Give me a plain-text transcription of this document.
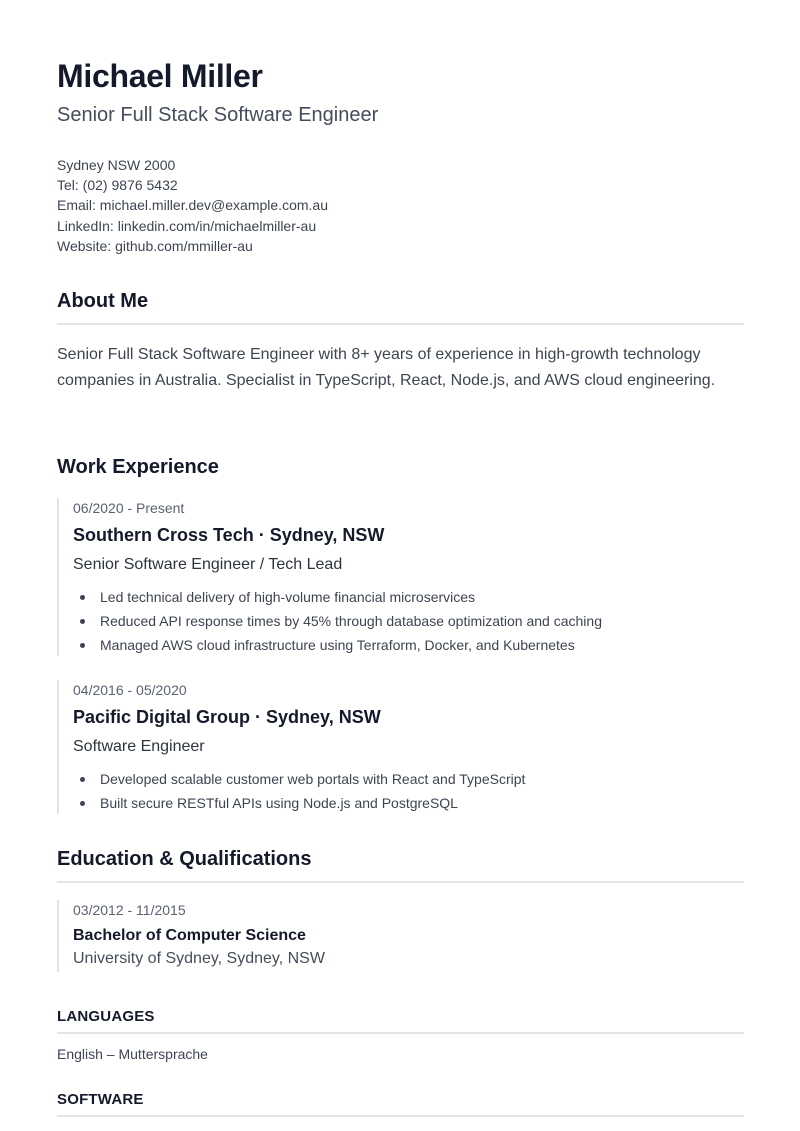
Michael Miller
Senior Full Stack Software Engineer
Sydney NSW 2000
Tel: (02) 9876 5432
Email: michael.miller.dev@example.com.au
LinkedIn: linkedin.com/in/michaelmiller-au
Website: github.com/mmiller-au
About Me
Senior Full Stack Software Engineer with 8+ years of experience in high-growth technology companies in Australia. Specialist in TypeScript, React, Node.js, and AWS cloud engineering.
Work Experience
06/2020 - Present
Southern Cross Tech · Sydney, NSW
Senior Software Engineer / Tech Lead
Led technical delivery of high-volume financial microservices
Reduced API response times by 45% through database optimization and caching
Managed AWS cloud infrastructure using Terraform, Docker, and Kubernetes
04/2016 - 05/2020
Pacific Digital Group · Sydney, NSW
Software Engineer
Developed scalable customer web portals with React and TypeScript
Built secure RESTful APIs using Node.js and PostgreSQL
Education & Qualifications
03/2012 - 11/2015
Bachelor of Computer Science
University of Sydney, Sydney, NSW
LANGUAGES
English – Muttersprache
SOFTWARE
